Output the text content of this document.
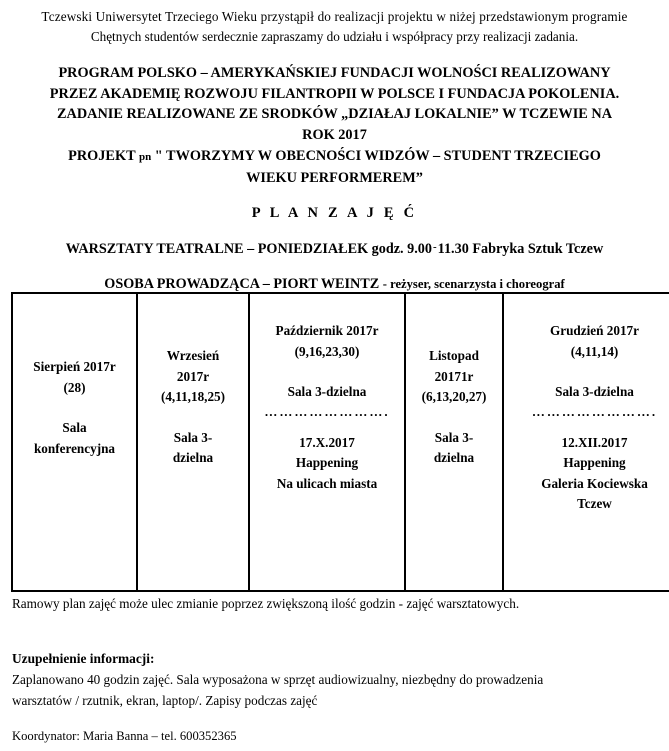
Tczewski Uniwersytet Trzeciego Wieku przystąpił do realizacji projektu w niżej przedstawionym programie
Chętnych studentów serdecznie zapraszamy do udziału i współpracy przy realizacji zadania.
PROGRAM POLSKO – AMERYKAŃSKIEJ FUNDACJI WOLNOŚCI REALIZOWANY
PRZEZ AKADEMIĘ ROZWOJU FILANTROPII W POLSCE I FUNDACJA POKOLENIA.
ZADANIE REALIZOWANE ZE SRODKÓW „DZIAŁAJ LOKALNIE” W TCZEWIE NA
ROK 2017
PROJEKT pn " TWORZYMY W OBECNOŚCI WIDZÓW – STUDENT TRZECIEGO
WIEKU PERFORMEREM”
P L A N Z A J Ę Ć
WARSZTATY TEATRALNE – PONIEDZIAŁEK godz. 9.00-11.30 Fabryka Sztuk Tczew
OSOBA PROWADZĄCA – PIORT WEINTZ - reżyser, scenarzysta i choreograf
Sierpień 2017r
(28)
Sala
konferencyjna

Wrzesień
2017r
(4,11,18,25)
Sala 3-
dzielna

Październik 2017r
(9,16,23,30)
Sala 3-dzielna
…………………….
17.X.2017
Happening
Na ulicach miasta

Listopad
20171r
(6,13,20,27)
Sala 3-
dzielna

Grudzień 2017r
(4,11,14)
Sala 3-dzielna
…………………….
12.XII.2017
Happening
Galeria Kociewska
Tczew
Ramowy plan zajęć może ulec zmianie poprzez zwiększoną ilość godzin - zajęć warsztatowych.
Uzupełnienie informacji:
Zaplanowano 40 godzin zajęć. Sala wyposażona w sprzęt audiowizualny, niezbędny do prowadzenia
warsztatów / rzutnik, ekran, laptop/. Zapisy podczas zajęć
Koordynator: Maria Banna – tel. 600352365
